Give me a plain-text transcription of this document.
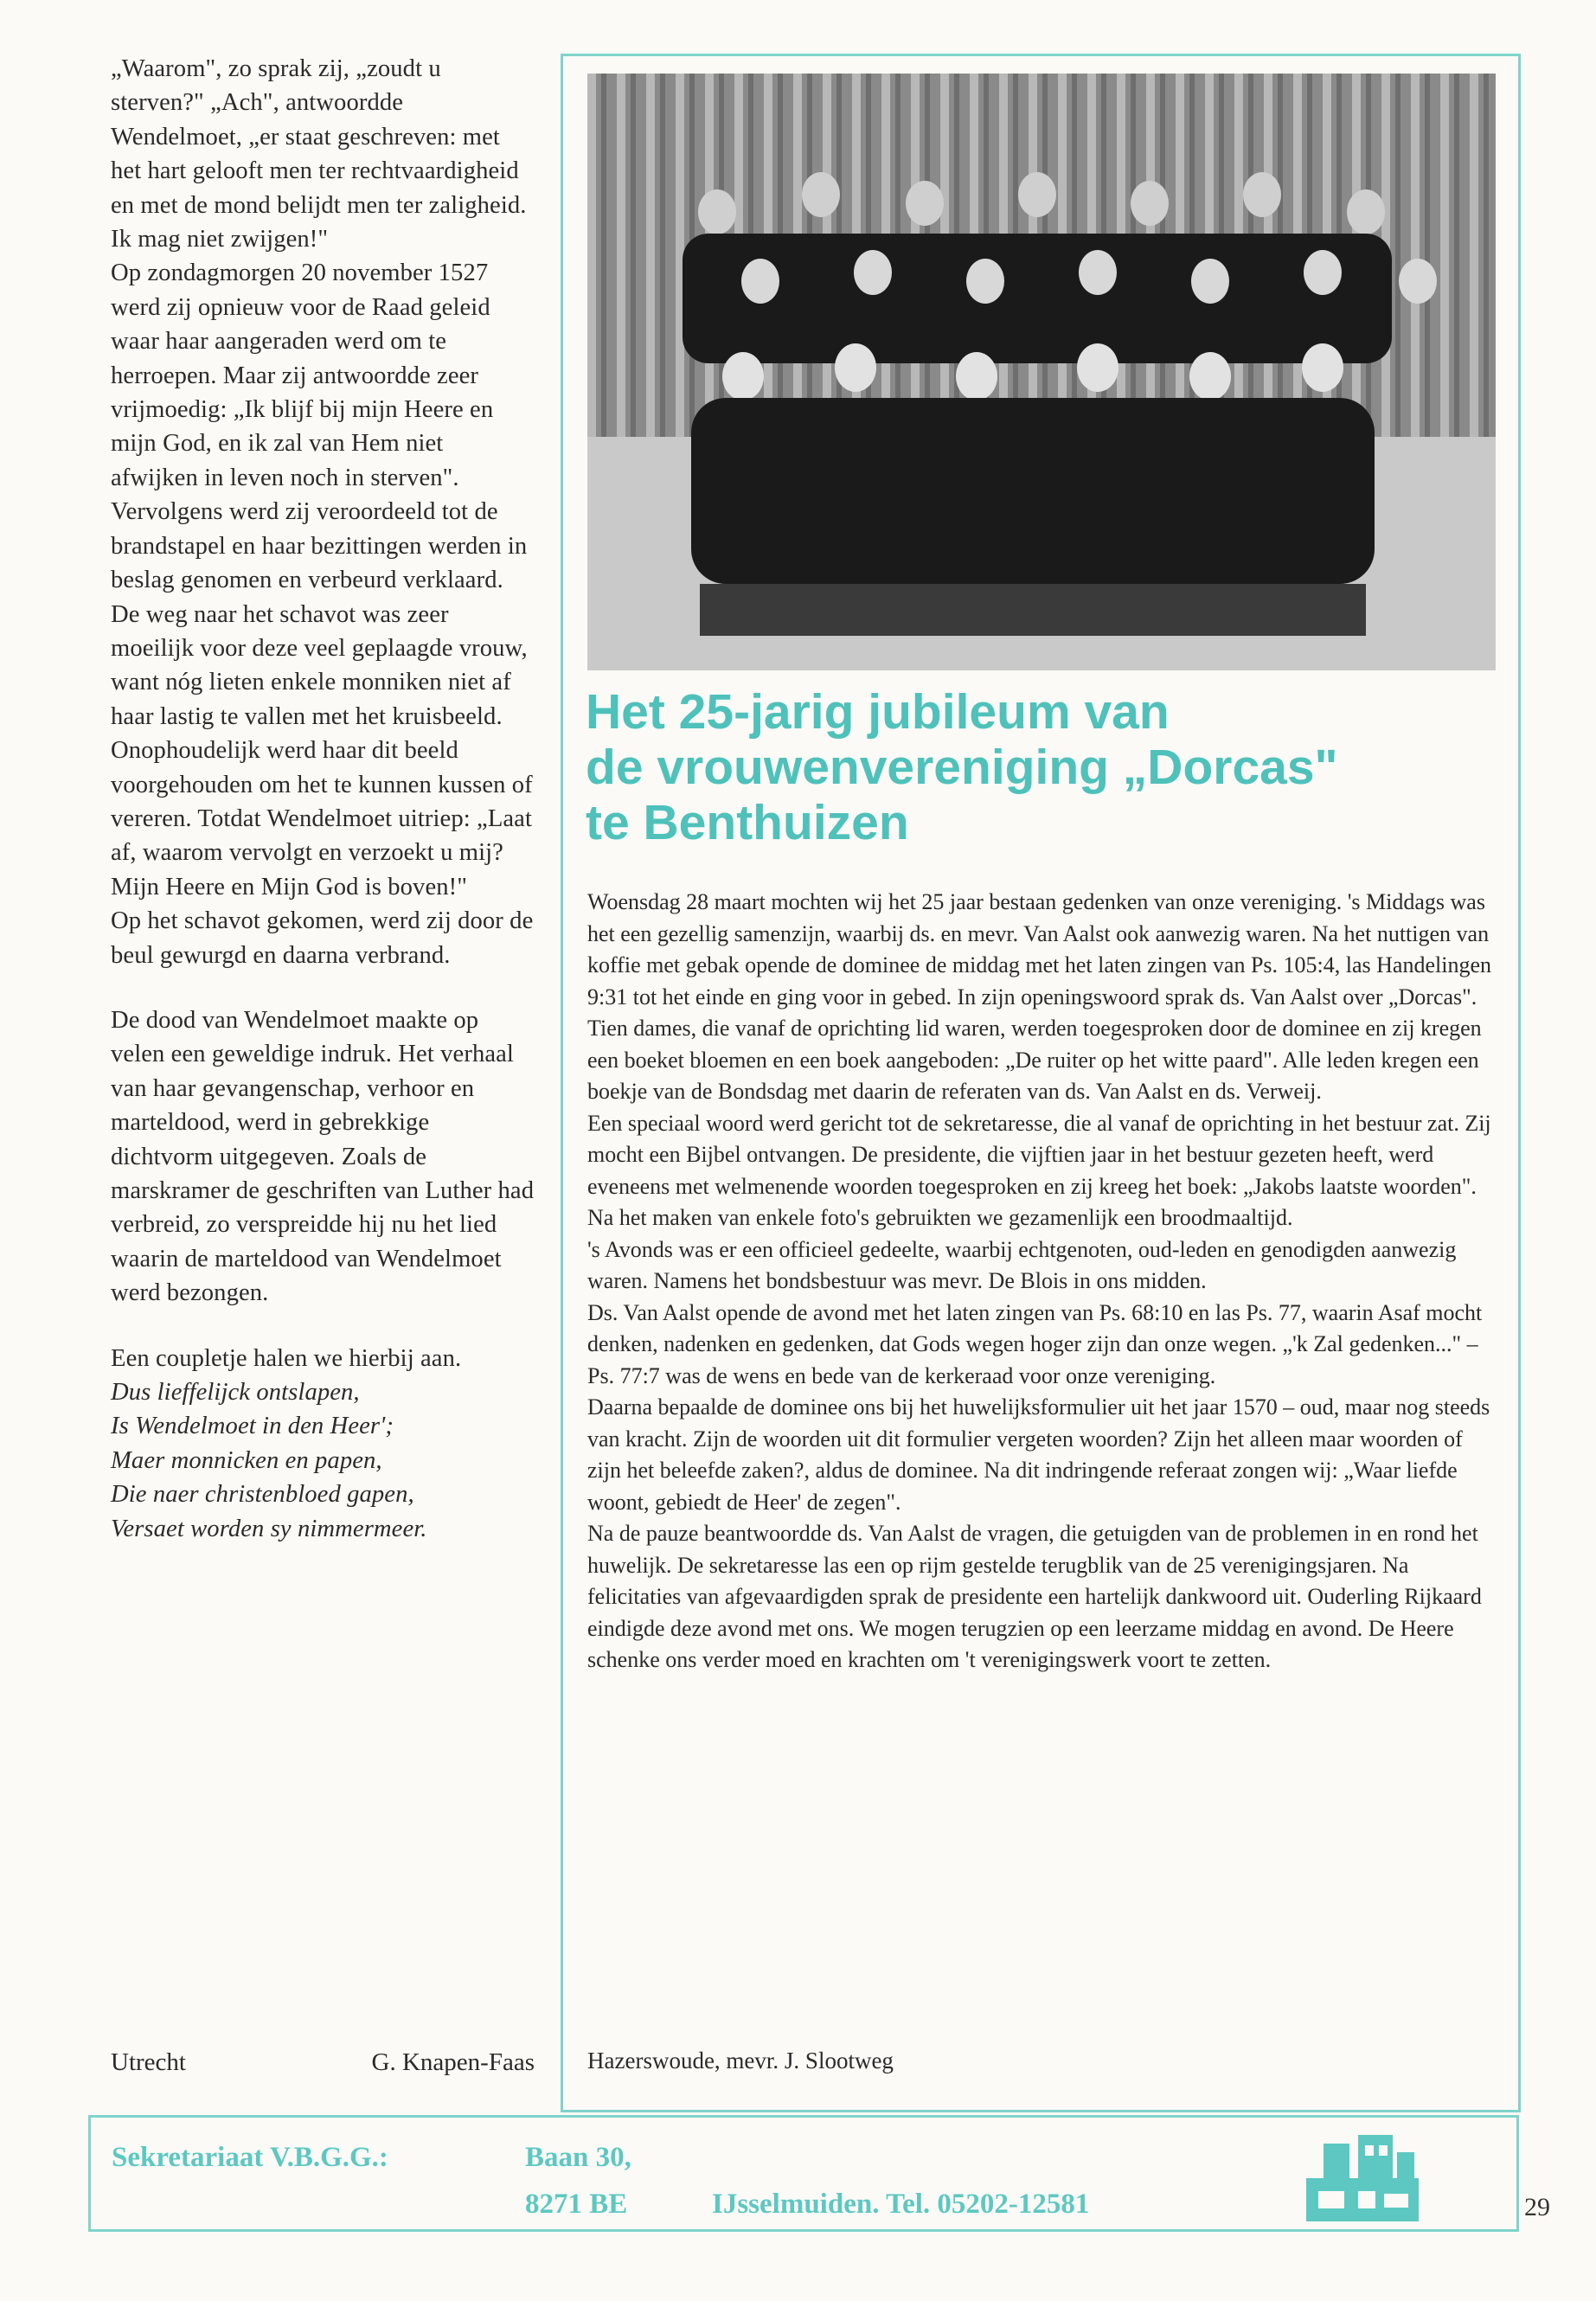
„Waarom", zo sprak zij, „zoudt u sterven?" „Ach", antwoordde Wendelmoet, „er staat geschreven: met het hart gelooft men ter rechtvaardigheid en met de mond belijdt men ter zaligheid. Ik mag niet zwijgen!"

Op zondagmorgen 20 november 1527 werd zij opnieuw voor de Raad geleid waar haar aangeraden werd om te herroepen. Maar zij antwoordde zeer vrijmoedig: „Ik blijf bij mijn Heere en mijn God, en ik zal van Hem niet afwijken in leven noch in sterven". Vervolgens werd zij veroordeeld tot de brandstapel en haar bezittingen werden in beslag genomen en verbeurd verklaard.

De weg naar het schavot was zeer moeilijk voor deze veel geplaagde vrouw, want nóg lieten enkele monniken niet af haar lastig te vallen met het kruisbeeld. Onophoudelijk werd haar dit beeld voorgehouden om het te kunnen kussen of vereren. Totdat Wendelmoet uitriep: „Laat af, waarom vervolgt en verzoekt u mij? Mijn Heere en Mijn God is boven!"

Op het schavot gekomen, werd zij door de beul gewurgd en daarna verbrand.

De dood van Wendelmoet maakte op velen een geweldige indruk. Het verhaal van haar gevangenschap, verhoor en marteldood, werd in gebrekkige dichtvorm uitgegeven. Zoals de marskramer de geschriften van Luther had verbreid, zo verspreidde hij nu het lied waarin de marteldood van Wendelmoet werd bezongen.

Een coupletje halen we hierbij aan.

Dus lieffelijck ontslapen,

Is Wendelmoet in den Heer';

Maer monnicken en papen,

Die naer christenbloed gapen,

Versaet worden sy nimmermeer.

Utrecht	G. Knapen-Faas
Het 25-jarig jubileum van
de vrouwenvereniging „Dorcas"
te Benthuizen

Woensdag 28 maart mochten wij het 25 jaar bestaan gedenken van onze vereniging. 's Middags was het een gezellig samenzijn, waarbij ds. en mevr. Van Aalst ook aanwezig waren. Na het nuttigen van koffie met gebak opende de dominee de middag met het laten zingen van Ps. 105:4, las Handelingen 9:31 tot het einde en ging voor in gebed. In zijn openingswoord sprak ds. Van Aalst over „Dorcas".

Tien dames, die vanaf de oprichting lid waren, werden toegesproken door de dominee en zij kregen een boeket bloemen en een boek aangeboden: „De ruiter op het witte paard". Alle leden kregen een boekje van de Bondsdag met daarin de referaten van ds. Van Aalst en ds. Verweij.

Een speciaal woord werd gericht tot de sekretaresse, die al vanaf de oprichting in het bestuur zat. Zij mocht een Bijbel ontvangen. De presidente, die vijftien jaar in het bestuur gezeten heeft, werd eveneens met welmenende woorden toegesproken en zij kreeg het boek: „Jakobs laatste woorden". Na het maken van enkele foto's gebruikten we gezamenlijk een broodmaaltijd.

's Avonds was er een officieel gedeelte, waarbij echtgenoten, oud-leden en genodigden aanwezig waren. Namens het bondsbestuur was mevr. De Blois in ons midden.

Ds. Van Aalst opende de avond met het laten zingen van Ps. 68:10 en las Ps. 77, waarin Asaf mocht denken, nadenken en gedenken, dat Gods wegen hoger zijn dan onze wegen. „'k Zal gedenken..." – Ps. 77:7 was de wens en bede van de kerkeraad voor onze vereniging.

Daarna bepaalde de dominee ons bij het huwelijksformulier uit het jaar 1570 – oud, maar nog steeds van kracht. Zijn de woorden uit dit formulier vergeten woorden? Zijn het alleen maar woorden of zijn het beleefde zaken?, aldus de dominee. Na dit indringende referaat zongen wij: „Waar liefde woont, gebiedt de Heer' de zegen".

Na de pauze beantwoordde ds. Van Aalst de vragen, die getuigden van de problemen in en rond het huwelijk. De sekretaresse las een op rijm gestelde terugblik van de 25 verenigingsjaren. Na felicitaties van afgevaardigden sprak de presidente een hartelijk dankwoord uit. Ouderling Rijkaard eindigde deze avond met ons. We mogen terugzien op een leerzame middag en avond. De Heere schenke ons verder moed en krachten om 't verenigingswerk voort te zetten.

Hazerswoude, mevr. J. Slootweg
Sekretariaat V.B.G.G.:	Baan 30,
8271 BE	IJsselmuiden. Tel. 05202-12581	29
